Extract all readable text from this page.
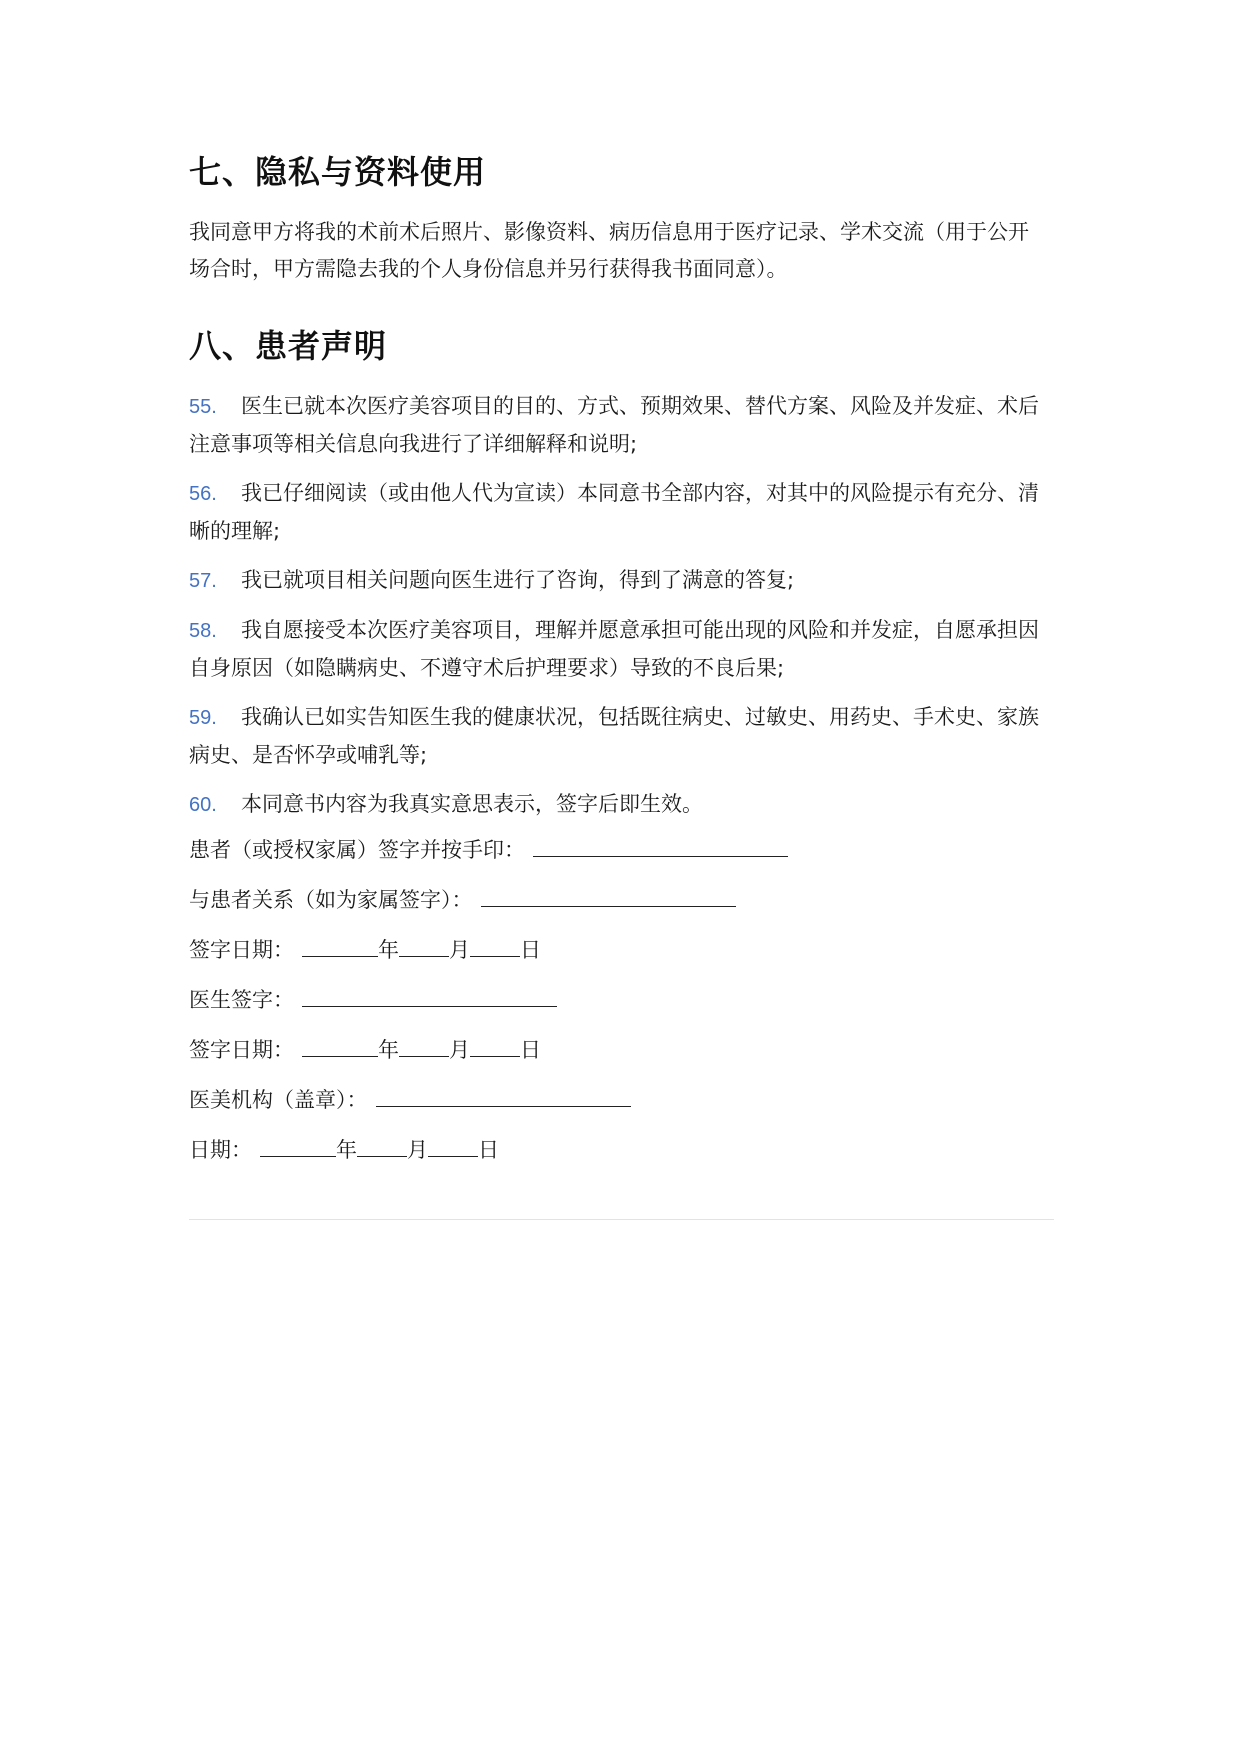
七、隐私与资料使用

我同意甲方将我的术前术后照片、影像资料、病历信息用于医疗记录、学术交流（用于公开场合时，甲方需隐去我的个人身份信息并另行获得我书面同意）。

八、患者声明

55. 医生已就本次医疗美容项目的目的、方式、预期效果、替代方案、风险及并发症、术后注意事项等相关信息向我进行了详细解释和说明;

56. 我已仔细阅读（或由他人代为宣读）本同意书全部内容，对其中的风险提示有充分、清晰的理解;

57. 我已就项目相关问题向医生进行了咨询，得到了满意的答复;

58. 我自愿接受本次医疗美容项目，理解并愿意承担可能出现的风险和并发症，自愿承担因自身原因（如隐瞒病史、不遵守术后护理要求）导致的不良后果;

59. 我确认已如实告知医生我的健康状况，包括既往病史、过敏史、用药史、手术史、家族病史、是否怀孕或哺乳等;

60. 本同意书内容为我真实意思表示，签字后即生效。

患者（或授权家属）签字并按手印：
与患者关系（如为家属签字）：
签字日期：	年 月 日
医生签字：
签字日期：	年 月 日
医美机构（盖章）：
日期：	年 月 日
